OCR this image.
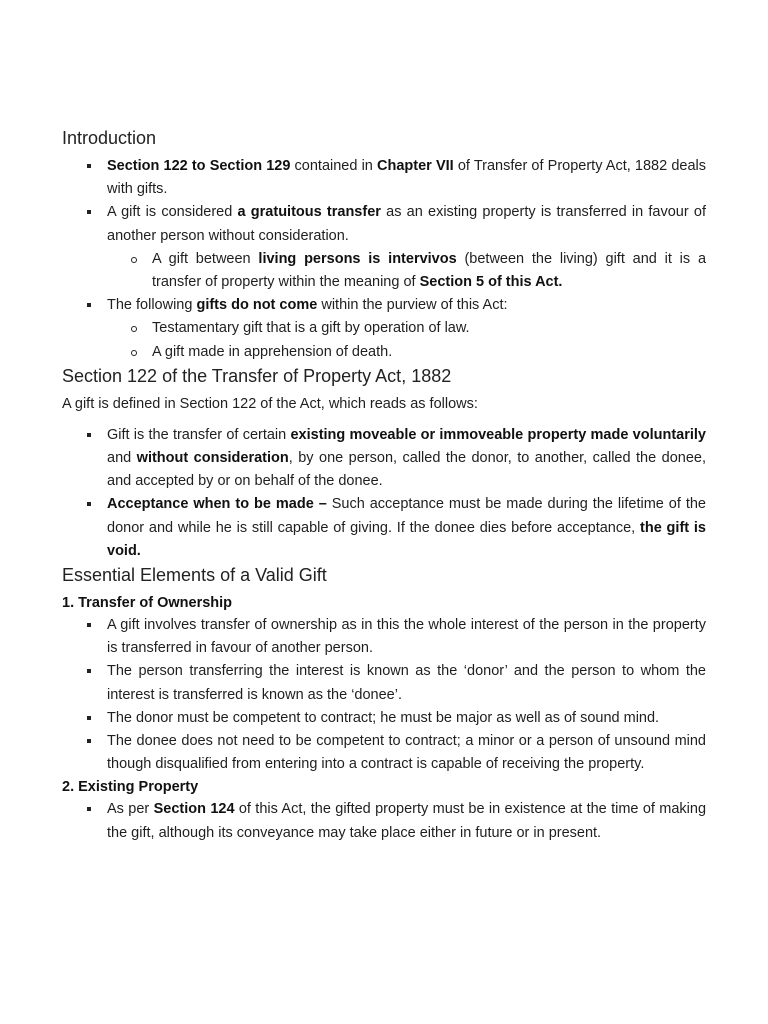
Introduction
Section 122 to Section 129 contained in Chapter VII of Transfer of Property Act, 1882 deals with gifts.
A gift is considered a gratuitous transfer as an existing property is transferred in favour of another person without consideration.
A gift between living persons is intervivos (between the living) gift and it is a transfer of property within the meaning of Section 5 of this Act.
The following gifts do not come within the purview of this Act:
Testamentary gift that is a gift by operation of law.
A gift made in apprehension of death.
Section 122 of the Transfer of Property Act, 1882

A gift is defined in Section 122 of the Act, which reads as follows:

Gift is the transfer of certain existing moveable or immoveable property made voluntarily and without consideration, by one person, called the donor, to another, called the donee, and accepted by or on behalf of the donee.
Acceptance when to be made – Such acceptance must be made during the lifetime of the donor and while he is still capable of giving. If the donee dies before acceptance, the gift is void.
Essential Elements of a Valid Gift
1. Transfer of Ownership
A gift involves transfer of ownership as in this the whole interest of the person in the property is transferred in favour of another person.
The person transferring the interest is known as the ‘donor’ and the person to whom the interest is transferred is known as the ‘donee’.
The donor must be competent to contract; he must be major as well as of sound mind.
The donee does not need to be competent to contract; a minor or a person of unsound mind though disqualified from entering into a contract is capable of receiving the property.
2. Existing Property
As per Section 124 of this Act, the gifted property must be in existence at the time of making the gift, although its conveyance may take place either in future or in present.
